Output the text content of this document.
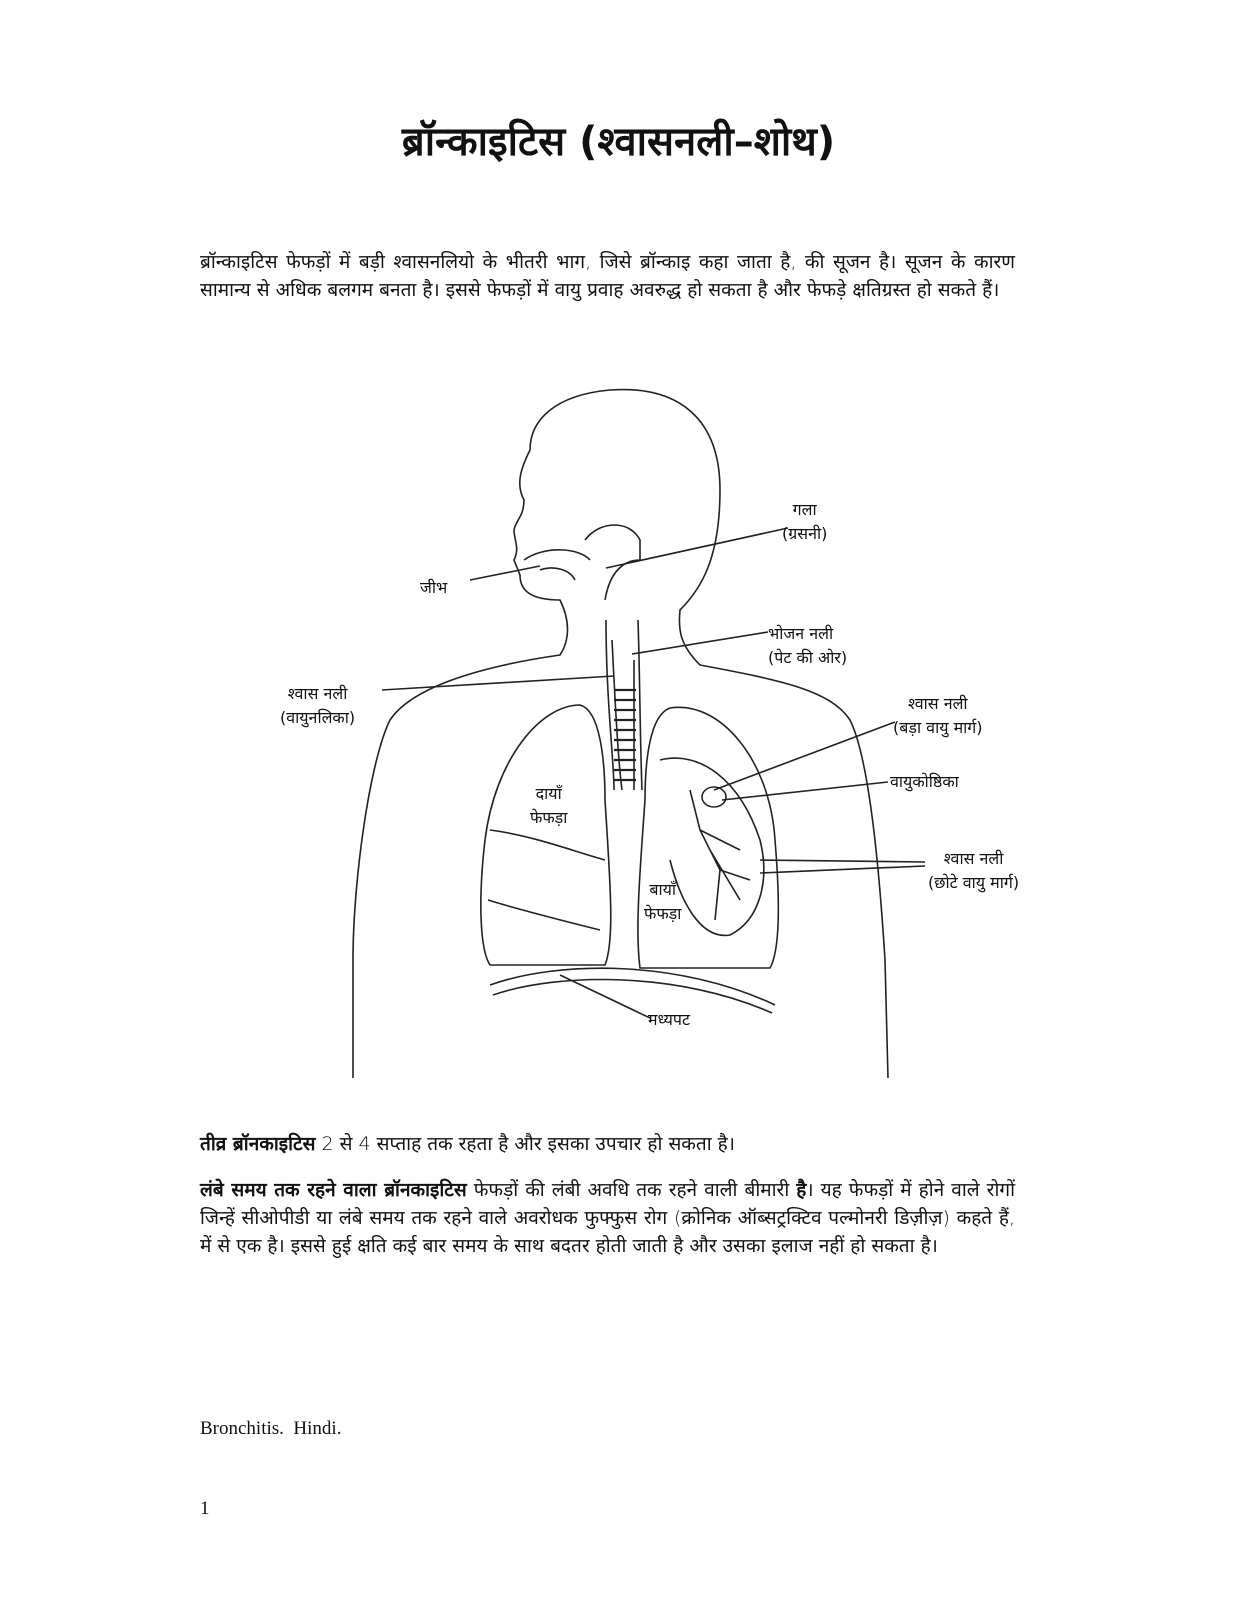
ब्रॉन्काइटिस (श्वासनली–शोथ)
ब्रॉन्काइटिस फेफड़ों में बड़ी श्वासनलियो के भीतरी भाग, जिसे ब्रॉन्काइ कहा जाता है, की सूजन है। सूजन के कारण सामान्य से अधिक बलगम बनता है। इससे फेफड़ों में वायु प्रवाह अवरुद्ध हो सकता है और फेफड़े क्षतिग्रस्त हो सकते हैं।
गला
(ग्रसनी)
जीभ
भोजन नली
(पेट की ओर)
श्वास नली
(वायुनलिका)
श्वास नली
(बड़ा वायु मार्ग)
वायुकोष्ठिका
दायाँ
फेफड़ा
श्वास नली
(छोटे वायु मार्ग)
बायाँ
फेफड़ा
मध्यपट
तीव्र ब्रॉनकाइटिस 2 से 4 सप्ताह तक रहता है और इसका उपचार हो सकता है।
लंबे समय तक रहने वाला ब्रॉनकाइटिस फेफड़ों की लंबी अवधि तक रहने वाली बीमारी है। यह फेफड़ों में होने वाले रोगों जिन्हें सीओपीडी या लंबे समय तक रहने वाले अवरोधक फुफ्फुस रोग (क्रोनिक ऑब्सट्रक्टिव पल्मोनरी डिज़ीज़) कहते हैं, में से एक है। इससे हुई क्षति कई बार समय के साथ बदतर होती जाती है और उसका इलाज नहीं हो सकता है।
Bronchitis.  Hindi.
1
